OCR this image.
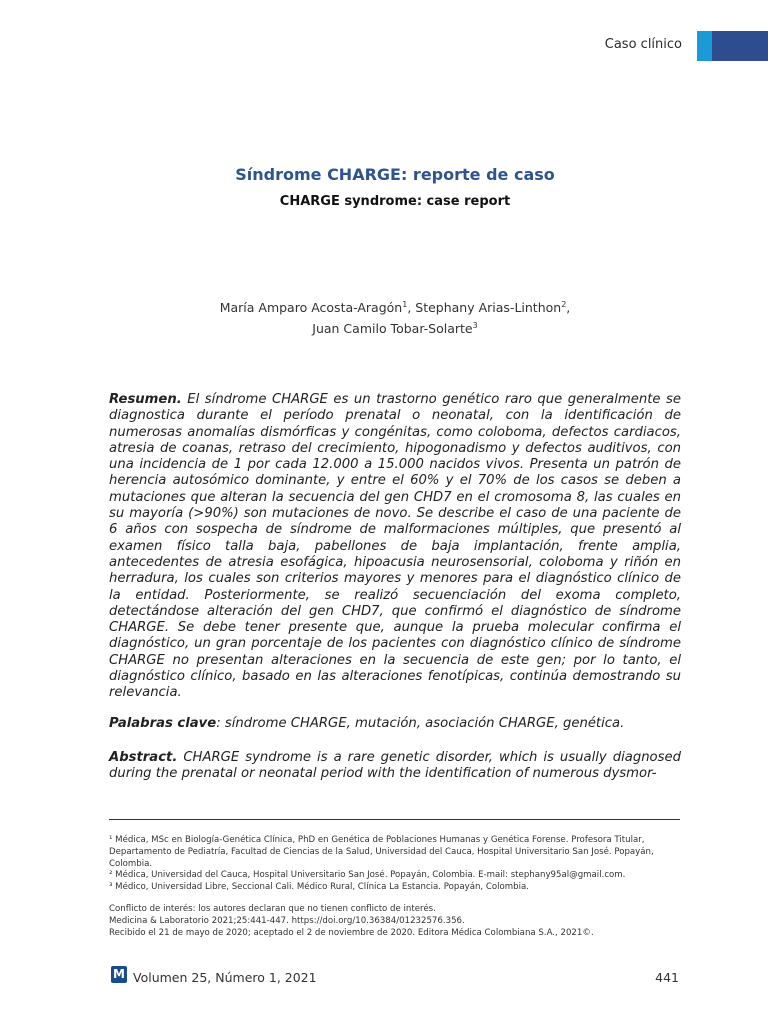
Caso clínico
Síndrome CHARGE: reporte de caso
CHARGE syndrome: case report
María Amparo Acosta-Aragón$^1$, Stephany Arias-Linthon$^2$,
Juan Camilo Tobar-Solarte$^3$

Resumen. El síndrome CHARGE es un trastorno genético raro que generalmente se diagnostica durante el período prenatal o neonatal, con la identificación de numerosas anomalías dismórficas y congénitas, como coloboma, defectos cardiacos, atresia de coanas, retraso del crecimiento, hipogonadismo y defectos auditivos, con una incidencia de 1 por cada 12.000 a 15.000 nacidos vivos. Presenta un patrón de herencia autosómico dominante, y entre el 60% y el 70% de los casos se deben a mutaciones que alteran la secuencia del gen CHD7 en el cromosoma 8, las cuales en su mayoría (>90%) son mutaciones de novo. Se describe el caso de una paciente de 6 años con sospecha de síndrome de malformaciones múltiples, que presentó al examen físico talla baja, pabellones de baja implantación, frente amplia, antecedentes de atresia esofágica, hipoacusia neurosensorial, coloboma y riñón en herradura, los cuales son criterios mayores y menores para el diagnóstico clínico de la entidad. Posteriormente, se realizó secuenciación del exoma completo, detectándose alteración del gen CHD7, que confirmó el diagnóstico de síndrome CHARGE. Se debe tener presente que, aunque la prueba molecular confirma el diagnóstico, un gran porcentaje de los pacientes con diagnóstico clínico de síndrome CHARGE no presentan alteraciones en la secuencia de este gen; por lo tanto, el diagnóstico clínico, basado en las alteraciones fenotípicas, continúa demostrando su relevancia.

Palabras clave: síndrome CHARGE, mutación, asociación CHARGE, genética.

Abstract. CHARGE syndrome is a rare genetic disorder, which is usually diagnosed during the prenatal or neonatal period with the identification of numerous dysmor-

¹ Médica, MSc en Biología-Genética Clínica, PhD en Genética de Poblaciones Humanas y Genética Forense. Profesora Titular, Departamento de Pediatría, Facultad de Ciencias de la Salud, Universidad del Cauca, Hospital Universitario San José. Popayán, Colombia.

² Médica, Universidad del Cauca, Hospital Universitario San José. Popayán, Colombia. E-mail: stephany95al@gmail.com.

³ Médico, Universidad Libre, Seccional Cali. Médico Rural, Clínica La Estancia. Popayán, Colombia.

Conflicto de interés: los autores declaran que no tienen conflicto de interés.

Medicina & Laboratorio 2021;25:441-447. https://doi.org/10.36384/01232576.356.

Recibido el 21 de mayo de 2020; aceptado el 2 de noviembre de 2020. Editora Médica Colombiana S.A., 2021©.

M Volumen 25, Número 1, 2021	441
